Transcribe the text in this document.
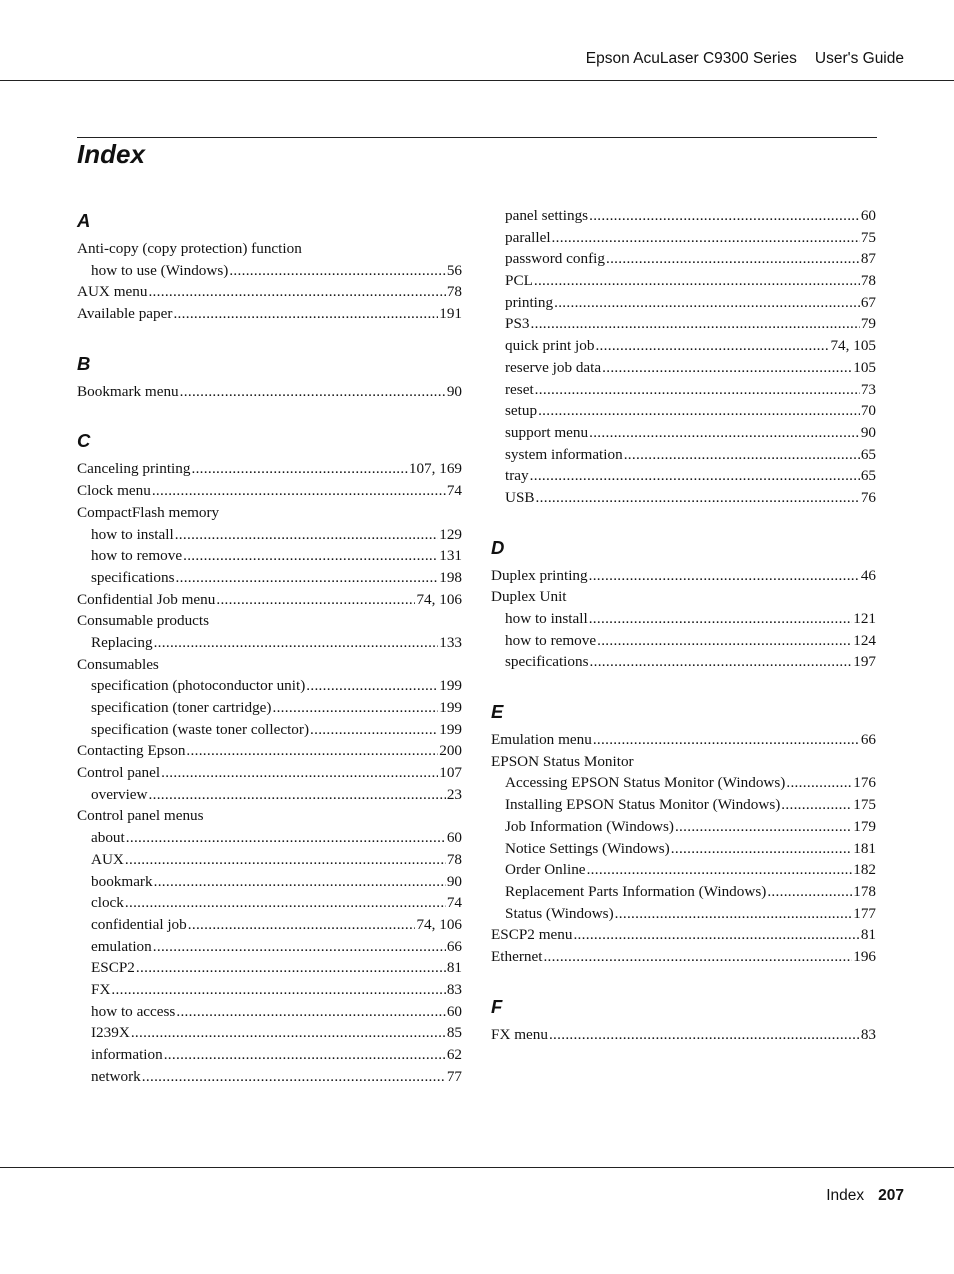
Epson AcuLaser C9300 Series User's Guide
Index
A
Anti-copy (copy protection) function
how to use (Windows) .....	56
AUX menu .....	78
Available paper .....	191
B
Bookmark menu .....	90
C
Canceling printing .....	107, 169
Clock menu .....	74
CompactFlash memory
how to install .....	129
how to remove .....	131
specifications .....	198
Confidential Job menu .....	74, 106
Consumable products
Replacing .....	133
Consumables
specification (photoconductor unit) .....	199
specification (toner cartridge) .....	199
specification (waste toner collector) .....	199
Contacting Epson .....	200
Control panel .....	107
overview .....	23
Control panel menus
about .....	60
AUX .....	78
bookmark .....	90
clock .....	74
confidential job .....	74, 106
emulation .....	66
ESCP2 .....	81
FX .....	83
how to access .....	60
I239X .....	85
information .....	62
network .....	77
panel settings .....	60
parallel .....	75
password config .....	87
PCL .....	78
printing .....	67
PS3 .....	79
quick print job .....	74, 105
reserve job data .....	105
reset .....	73
setup .....	70
support menu .....	90
system information .....	65
tray .....	65
USB .....	76
D
Duplex printing .....	46
Duplex Unit
how to install .....	121
how to remove .....	124
specifications .....	197
E
Emulation menu .....	66
EPSON Status Monitor
Accessing EPSON Status Monitor (Windows) .....	176
Installing EPSON Status Monitor (Windows) .....	175
Job Information (Windows) .....	179
Notice Settings (Windows) .....	181
Order Online .....	182
Replacement Parts Information (Windows) .....	178
Status (Windows) .....	177
ESCP2 menu .....	81
Ethernet .....	196
F
FX menu .....	83
Index 207
